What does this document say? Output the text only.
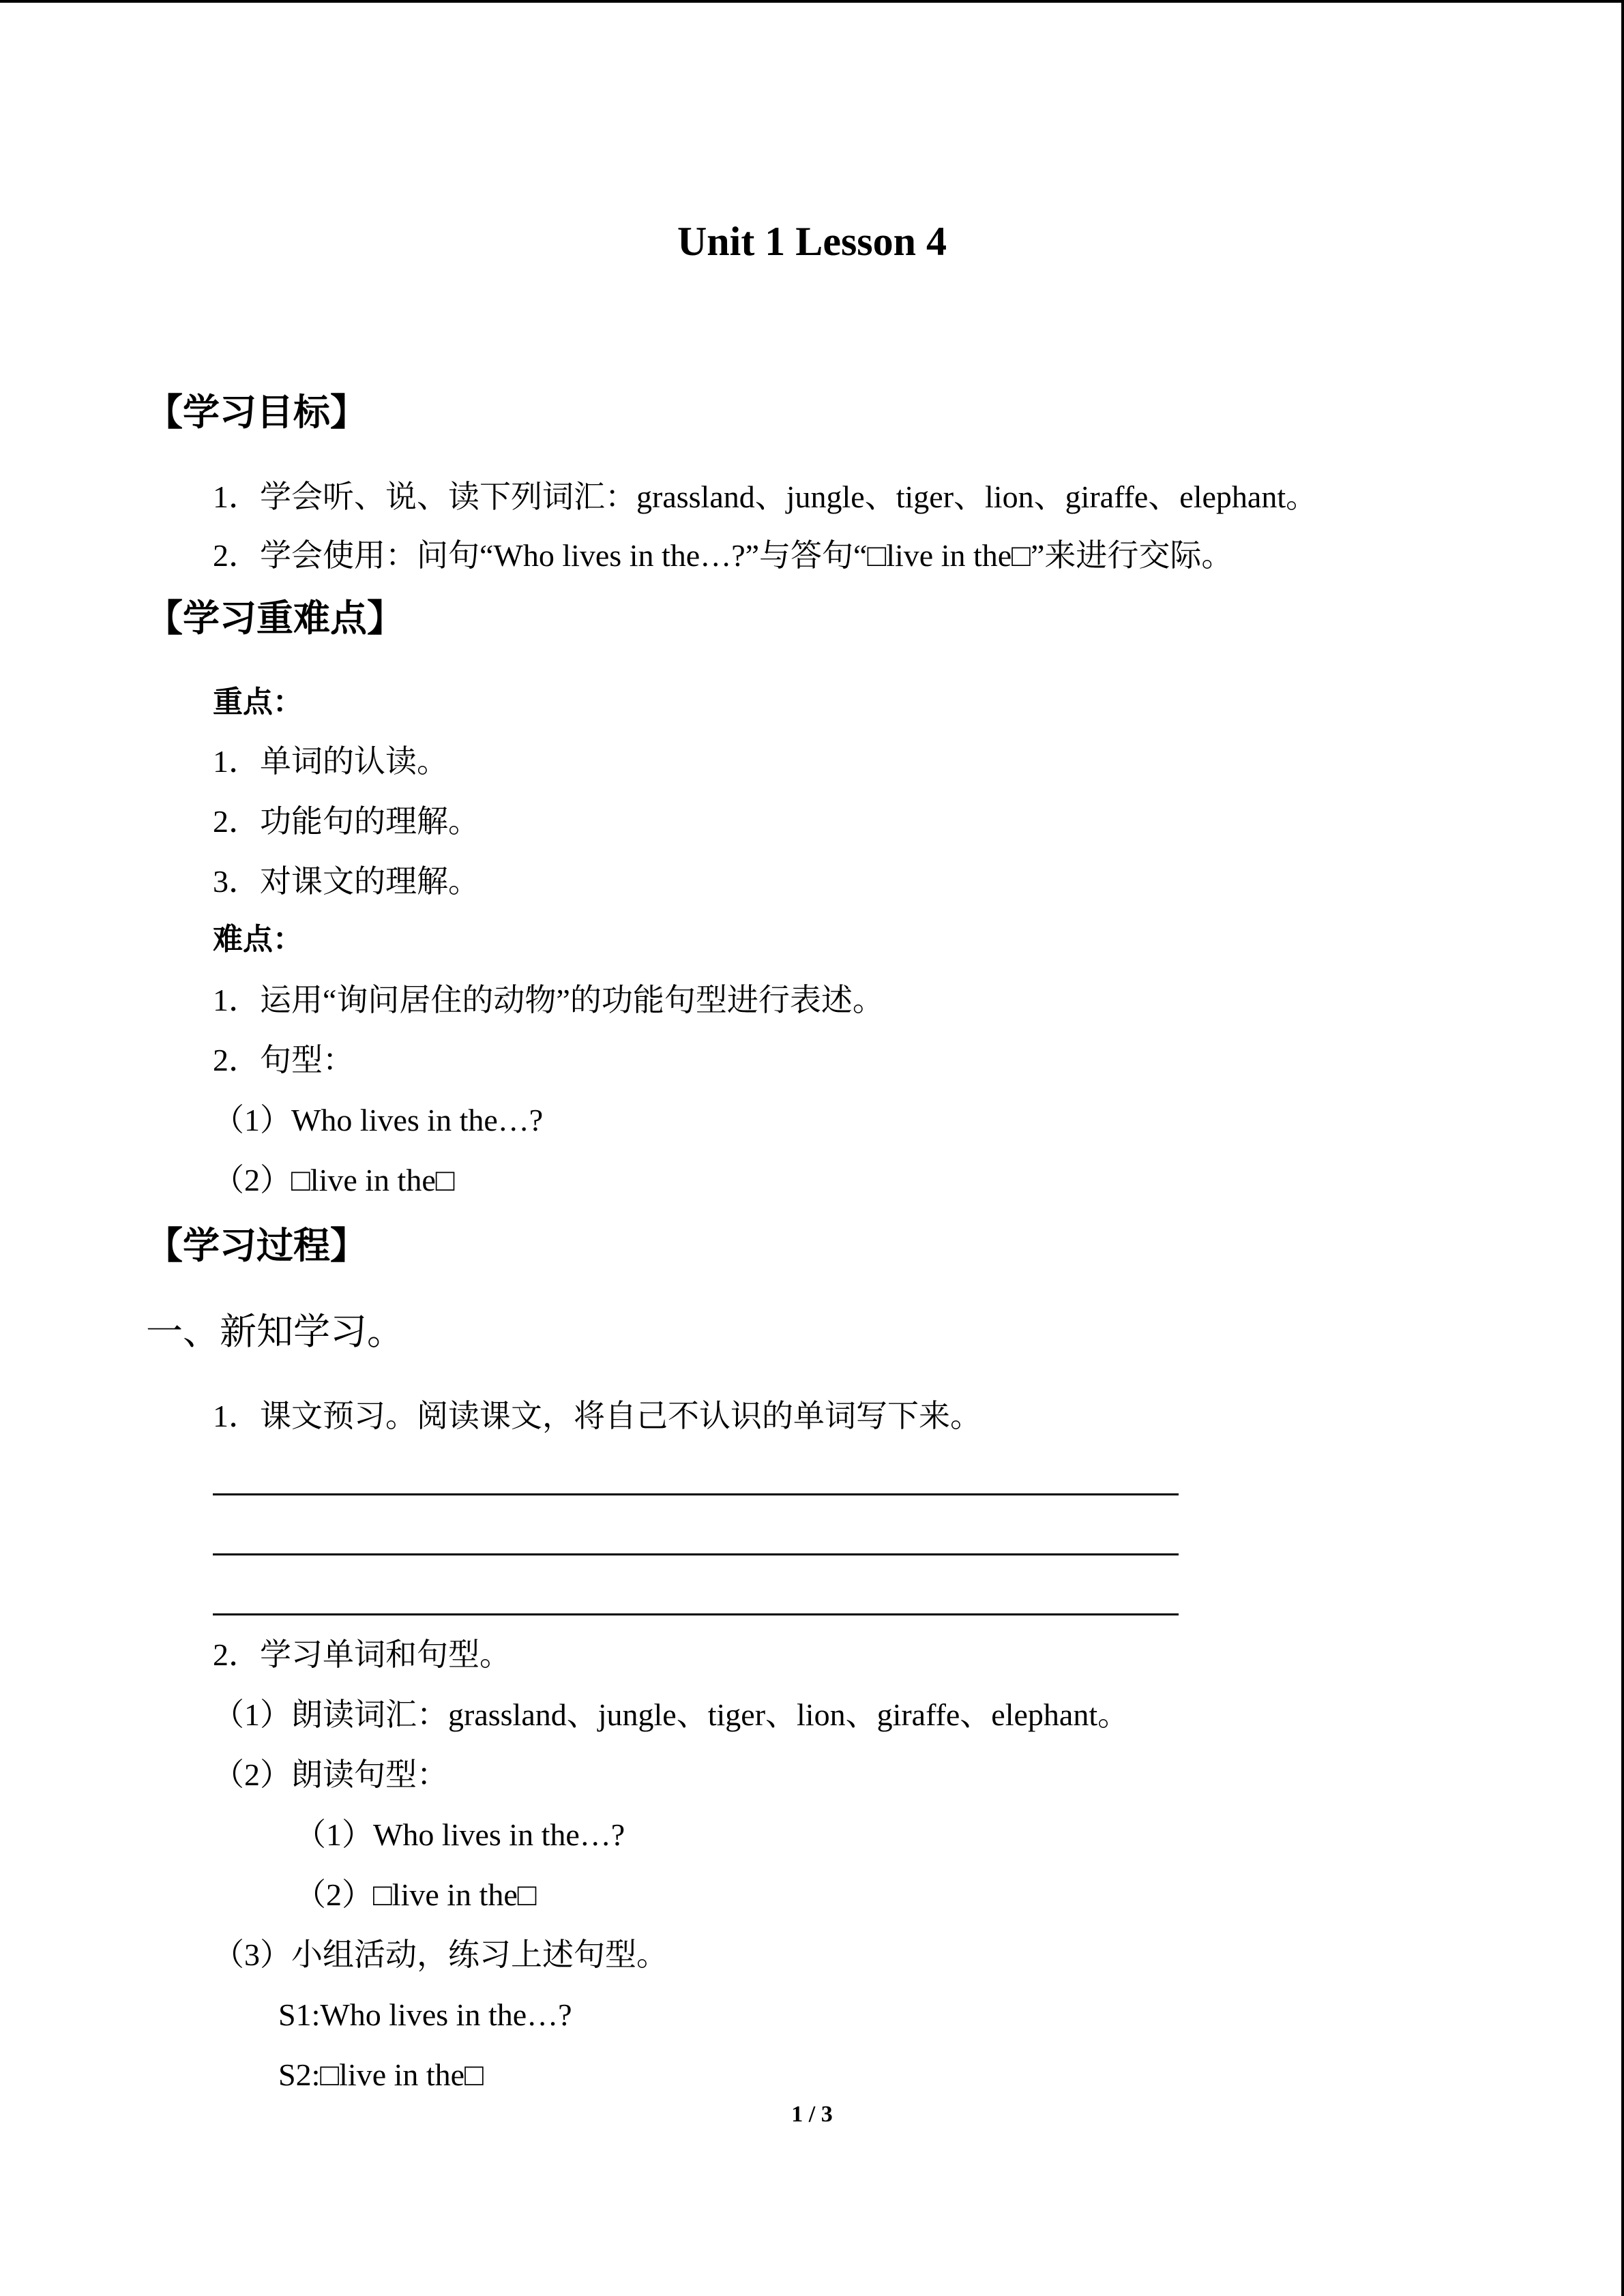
Unit 1 Lesson 4
【学习目标】
1．学会听、说、读下列词汇：grassland、jungle、tiger、lion、giraffe、elephant。
2．学会使用：问句“Who lives in the…?”与答句“□live in the□”来进行交际。
【学习重难点】
重点：
1．单词的认读。
2．功能句的理解。
3．对课文的理解。
难点：
1．运用“询问居住的动物”的功能句型进行表述。
2．句型：
（1）Who lives in the…?
（2）□live in the□
【学习过程】
一、新知学习。
1．课文预习。阅读课文，将自己不认识的单词写下来。
2．学习单词和句型。
（1）朗读词汇：grassland、jungle、tiger、lion、giraffe、elephant。
（2）朗读句型：
（1）Who lives in the…?
（2）□live in the□
（3）小组活动，练习上述句型。
S1:Who lives in the…?
S2:□live in the□
1 / 3
